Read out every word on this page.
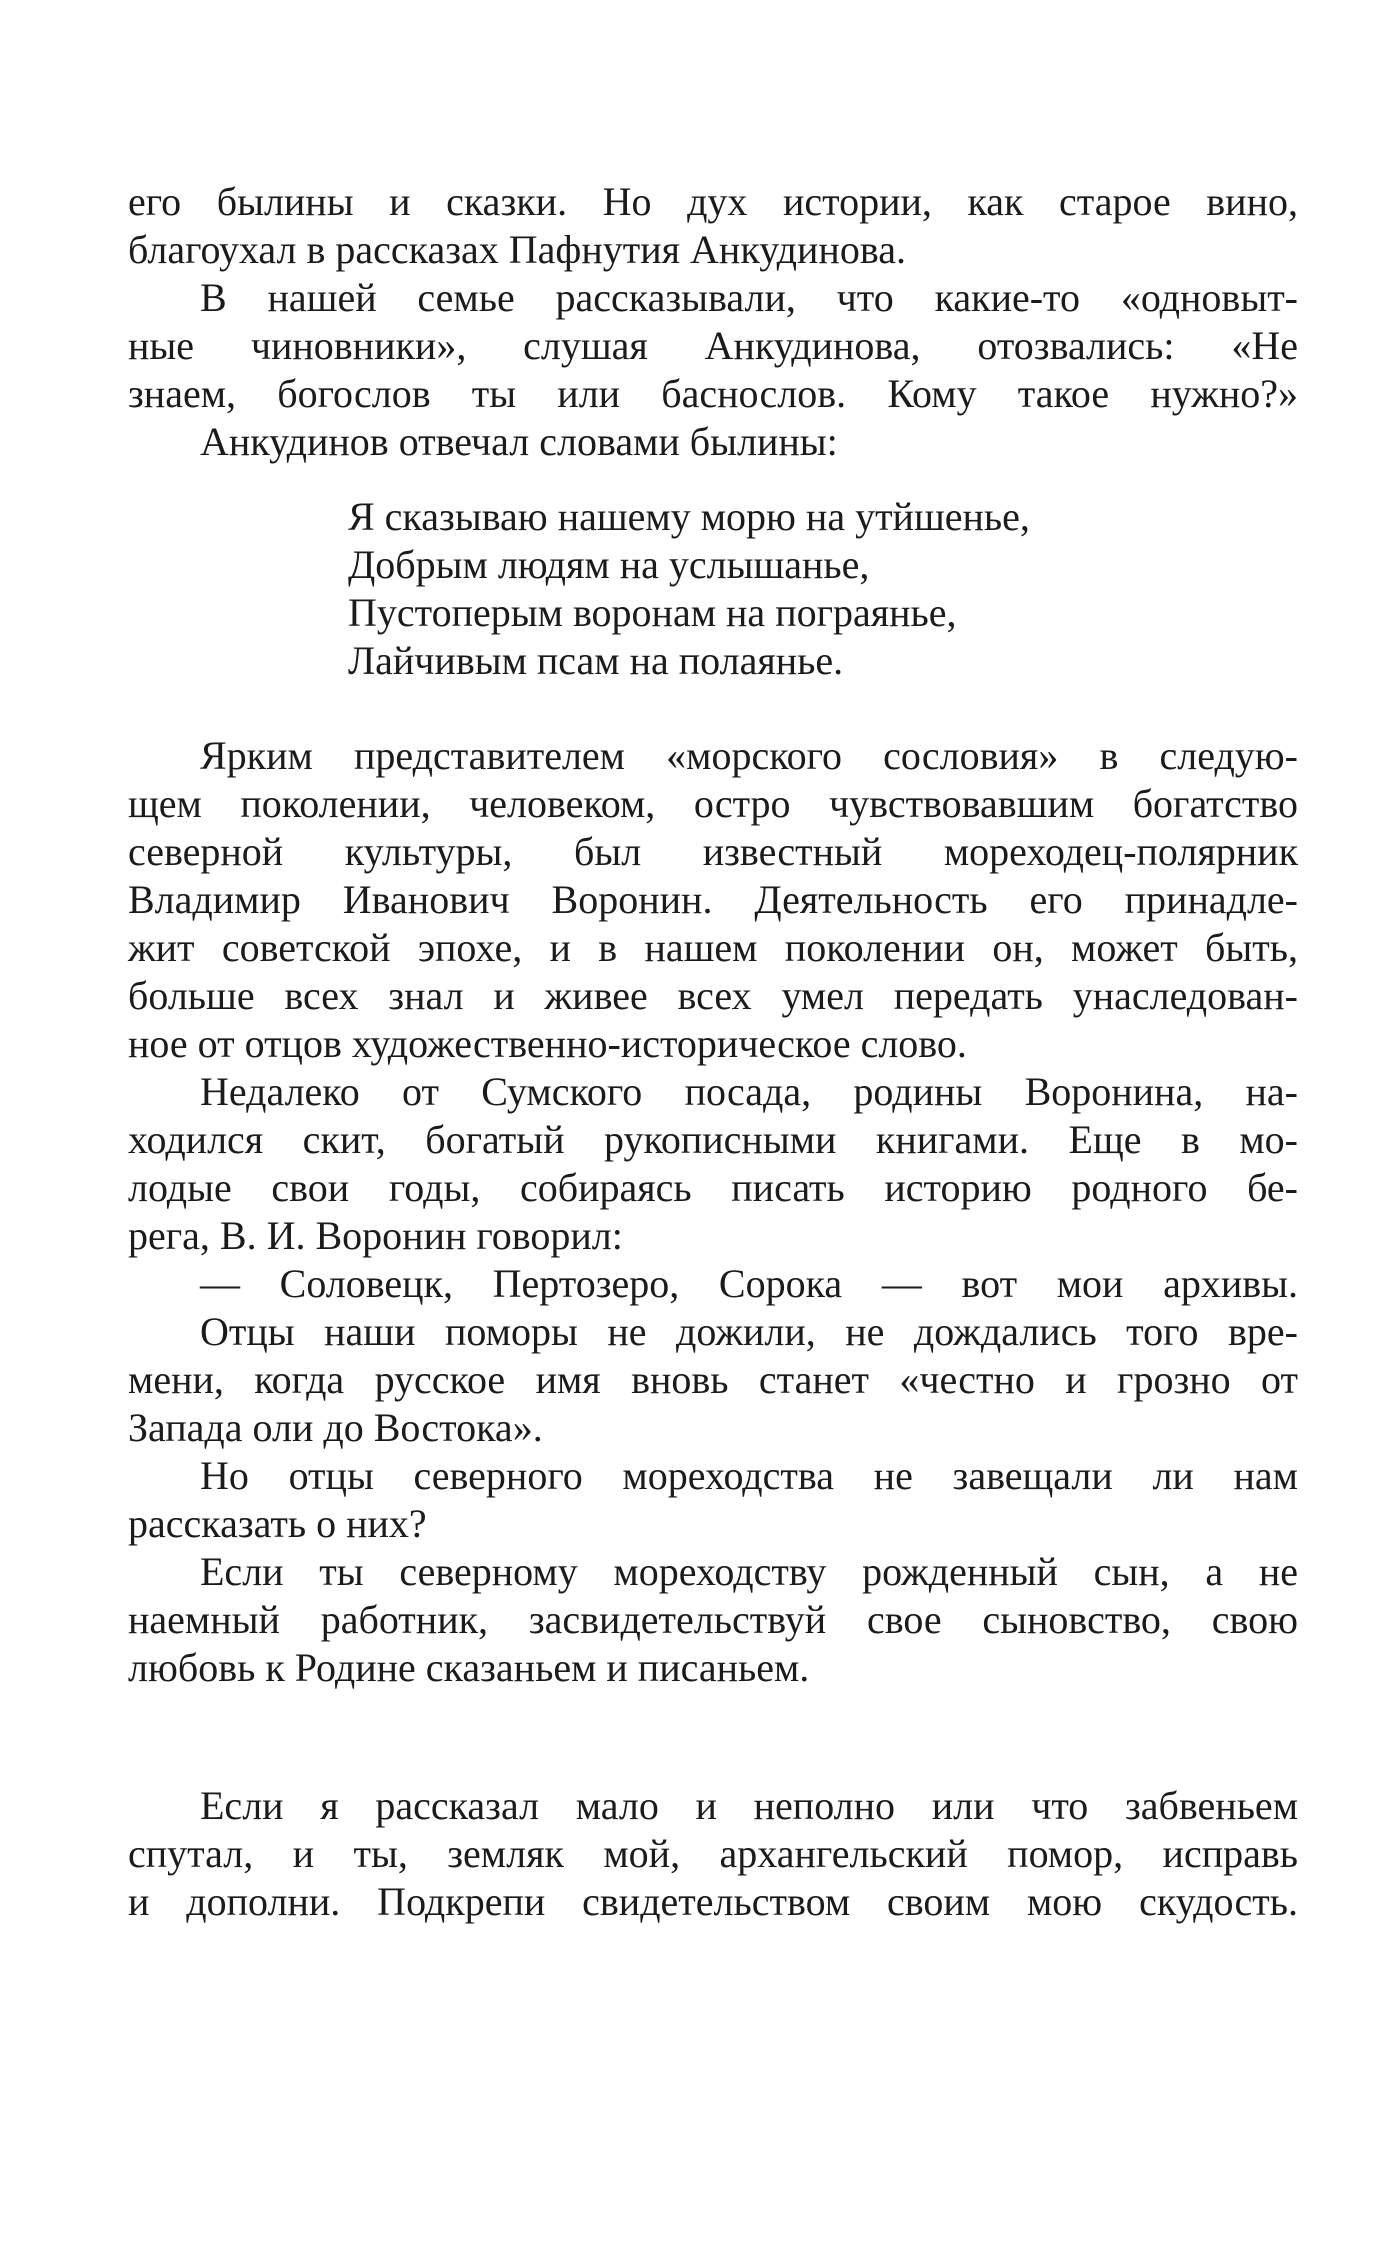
его былины и сказки. Но дух истории, как старое вино,
благоухал в рассказах Пафнутия Анкудинова.
В нашей семье рассказывали, что какие-то «одновыт-
ные чиновники», слушая Анкудинова, отозвались: «Не
знаем, богослов ты или баснослов. Кому такое нужно?»
Анкудинов отвечал словами былины:
Я сказываю нашему морю на утйшенье,
Добрым людям на услышанье,
Пустоперым воронам на пограянье,
Лайчивым псам на полаянье.
Ярким представителем «морского сословия» в следую-
щем поколении, человеком, остро чувствовавшим богатство
северной культуры, был известный мореходец-полярник
Владимир Иванович Воронин. Деятельность его принадле-
жит советской эпохе, и в нашем поколении он, может быть,
больше всех знал и живее всех умел передать унаследован-
ное от отцов художественно-историческое слово.
Недалеко от Сумского посада, родины Воронина, на-
ходился скит, богатый рукописными книгами. Еще в мо-
лодые свои годы, собираясь писать историю родного бе-
рега, В. И. Воронин говорил:
— Соловецк, Пертозеро, Сорока — вот мои архивы.
Отцы наши поморы не дожили, не дождались того вре-
мени, когда русское имя вновь станет «честно и грозно от
Запада оли до Востока».
Но отцы северного мореходства не завещали ли нам
рассказать о них?
Если ты северному мореходству рожденный сын, а не
наемный работник, засвидетельствуй свое сыновство, свою
любовь к Родине сказаньем и писаньем.
Если я рассказал мало и неполно или что забвеньем
спутал, и ты, земляк мой, архангельский помор, исправь
и дополни. Подкрепи свидетельством своим мою скудость.
